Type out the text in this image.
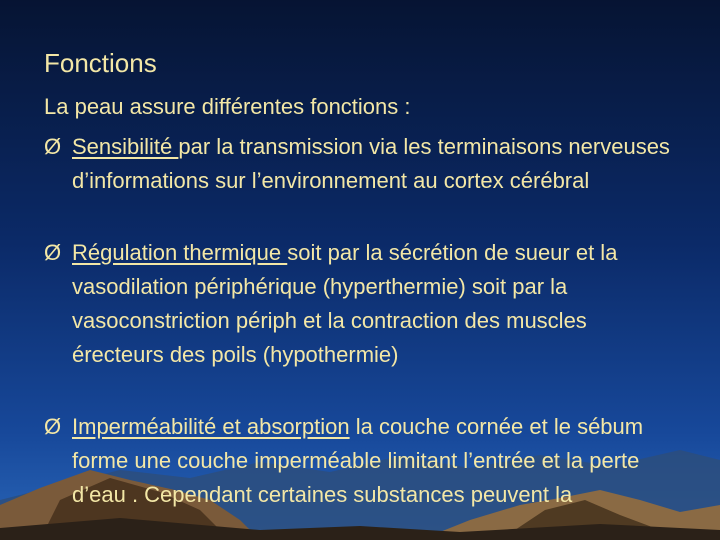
Fonctions
La peau assure différentes fonctions :
Ø Sensibilité par la transmission via les terminaisons nerveuses d’informations sur l’environnement au cortex cérébral
Ø Régulation thermique soit par la sécrétion de sueur et la vasodilation périphérique (hyperthermie) soit par la vasoconstriction périph et la contraction des muscles érecteurs des poils (hypothermie)
Ø Imperméabilité et absorption la couche cornée et le sébum forme une couche imperméable limitant l’entrée et la perte d’eau . Cependant certaines substances peuvent la
